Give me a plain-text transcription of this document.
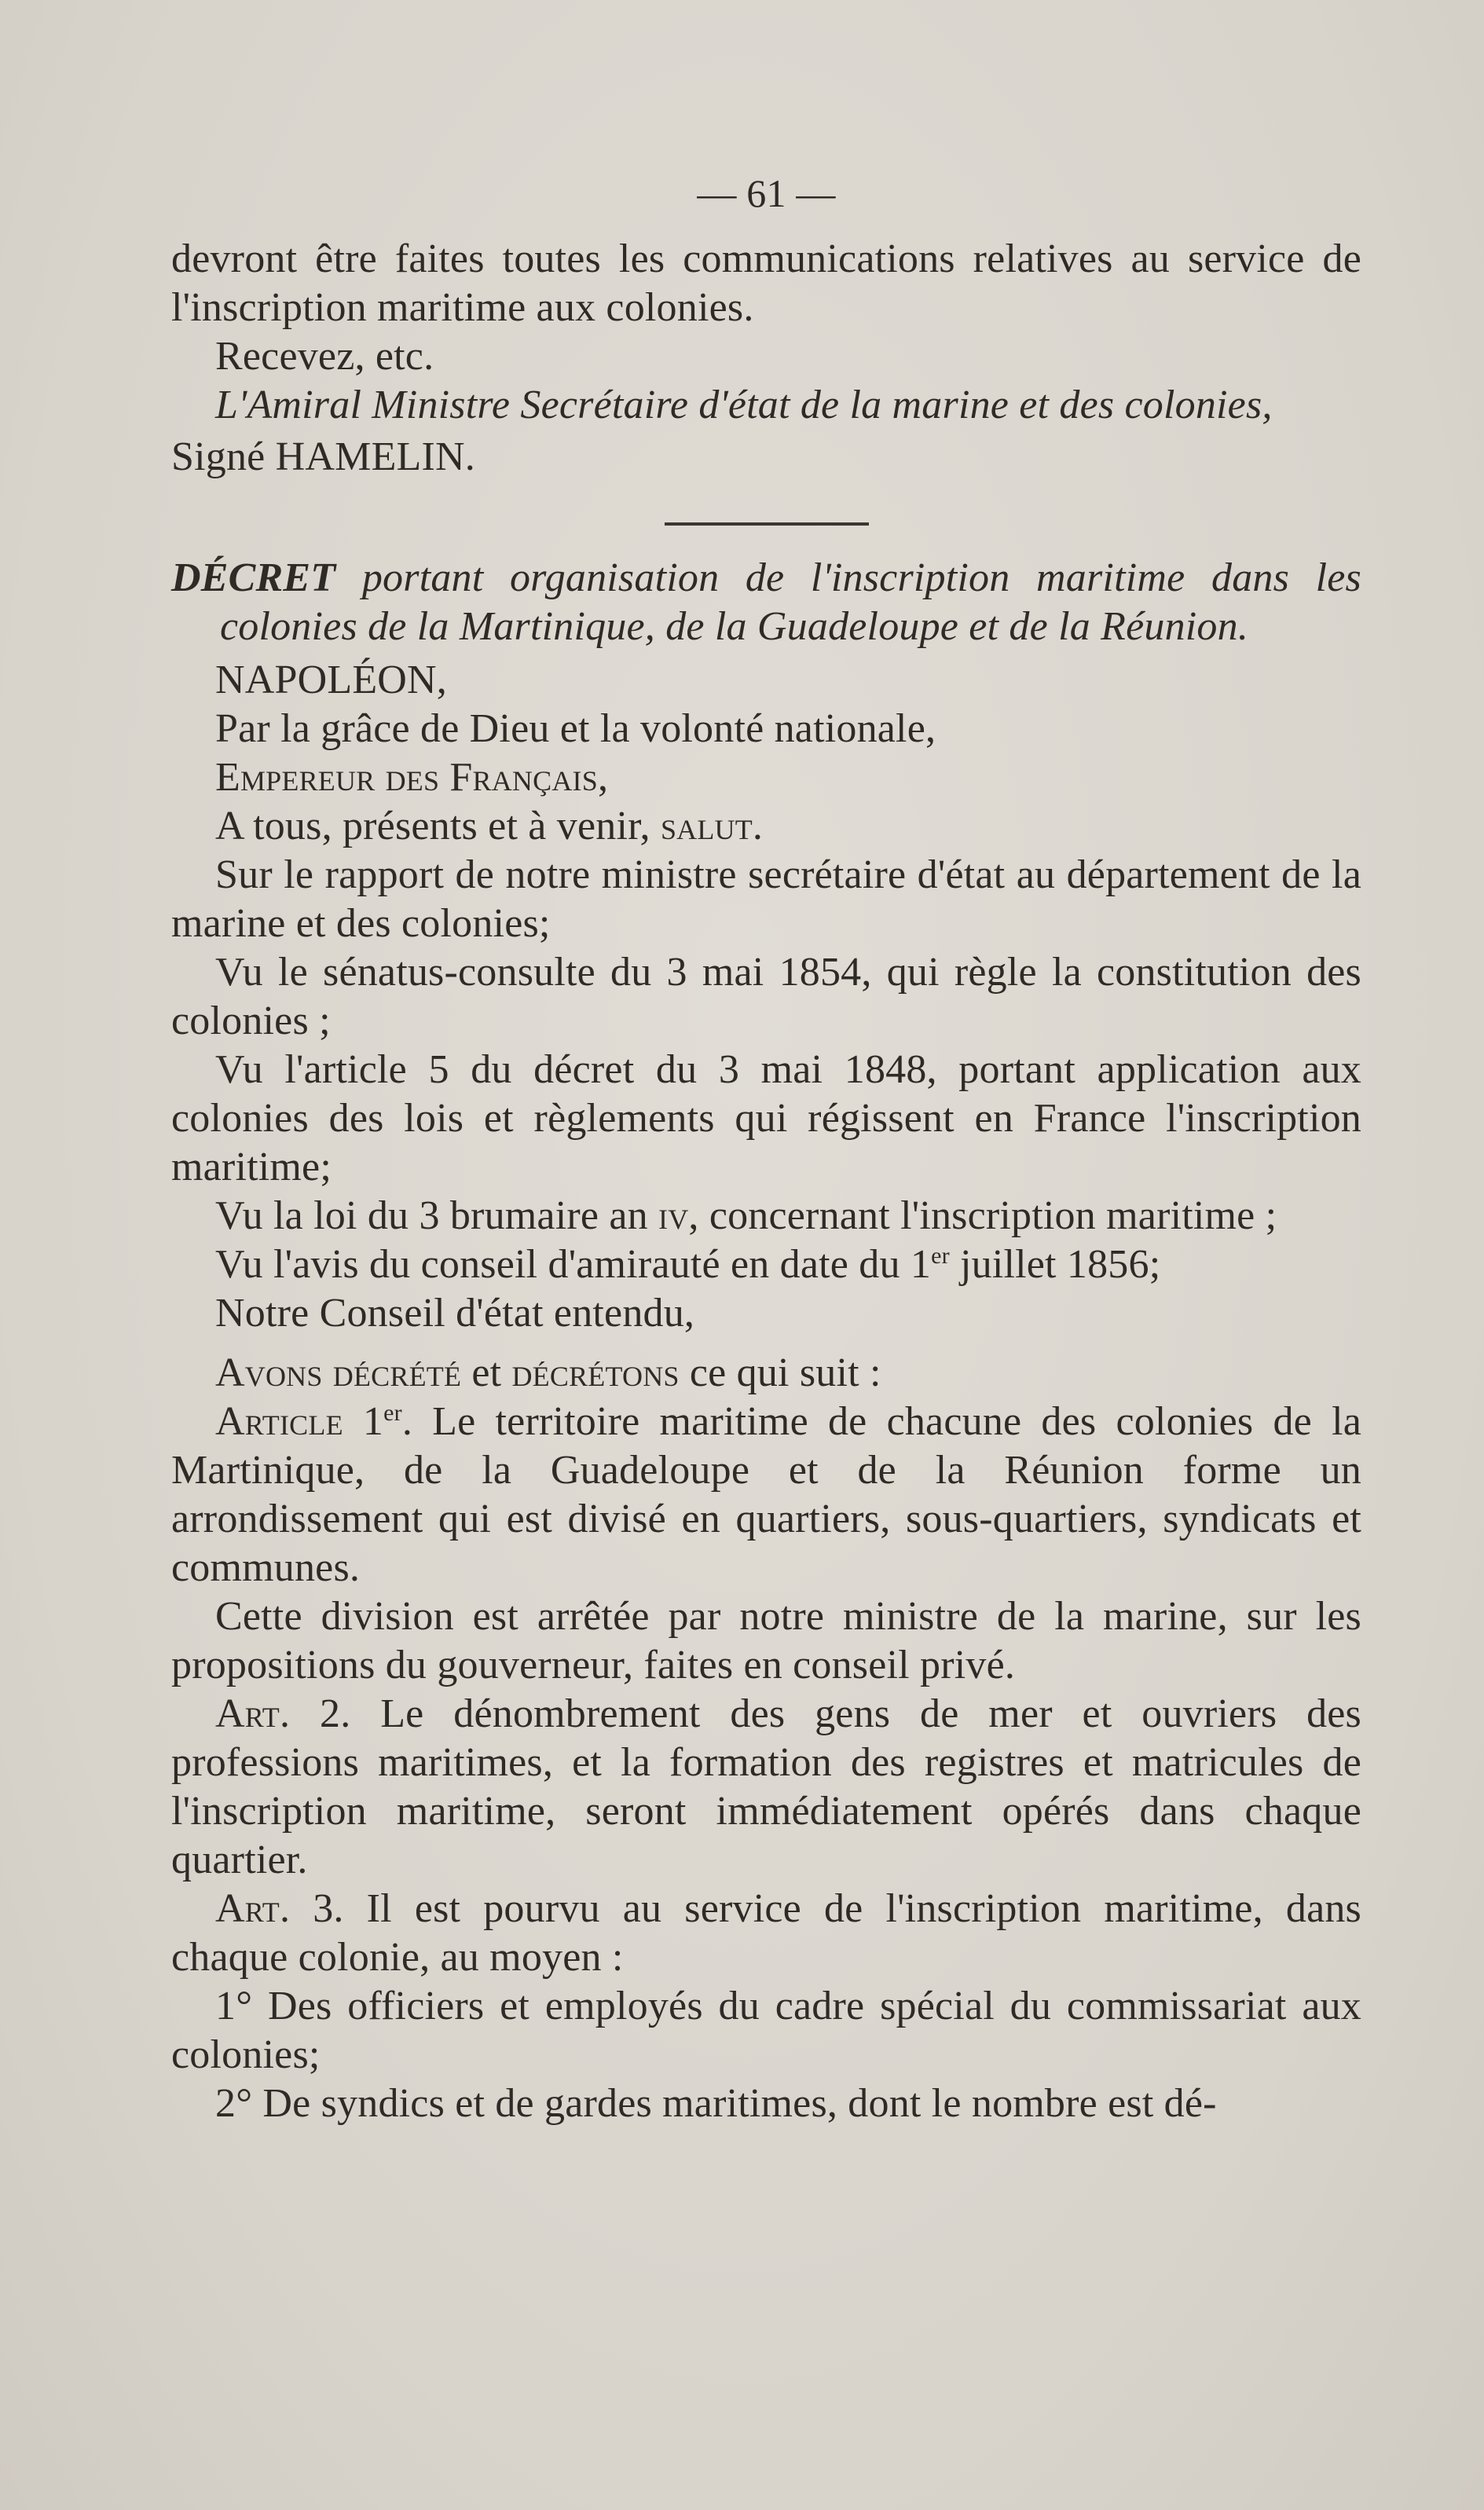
— 61 —

devront être faites toutes les communications relatives au service de l'inscription maritime aux colonies.

Recevez, etc.

L'Amiral Ministre Secrétaire d'état de la marine et des colonies,

Signé HAMELIN.

DÉCRET portant organisation de l'inscription maritime dans les colonies de la Martinique, de la Guadeloupe et de la Réunion.

NAPOLÉON,

Par la grâce de Dieu et la volonté nationale,

Empereur des Français,

A tous, présents et à venir, salut.

Sur le rapport de notre ministre secrétaire d'état au département de la marine et des colonies;

Vu le sénatus-consulte du 3 mai 1854, qui règle la constitution des colonies ;

Vu l'article 5 du décret du 3 mai 1848, portant application aux colonies des lois et règlements qui régissent en France l'inscription maritime;

Vu la loi du 3 brumaire an iv, concernant l'inscription maritime ;

Vu l'avis du conseil d'amirauté en date du 1er juillet 1856;

Notre Conseil d'état entendu,

Avons décrété et décrétons ce qui suit :

Article 1er. Le territoire maritime de chacune des colonies de la Martinique, de la Guadeloupe et de la Réunion forme un arrondissement qui est divisé en quartiers, sous-quartiers, syndicats et communes.

Cette division est arrêtée par notre ministre de la marine, sur les propositions du gouverneur, faites en conseil privé.

Art. 2. Le dénombrement des gens de mer et ouvriers des professions maritimes, et la formation des registres et matricules de l'inscription maritime, seront immédiatement opérés dans chaque quartier.

Art. 3. Il est pourvu au service de l'inscription maritime, dans chaque colonie, au moyen :

1° Des officiers et employés du cadre spécial du commissariat aux colonies;

2° De syndics et de gardes maritimes, dont le nombre est dé-
